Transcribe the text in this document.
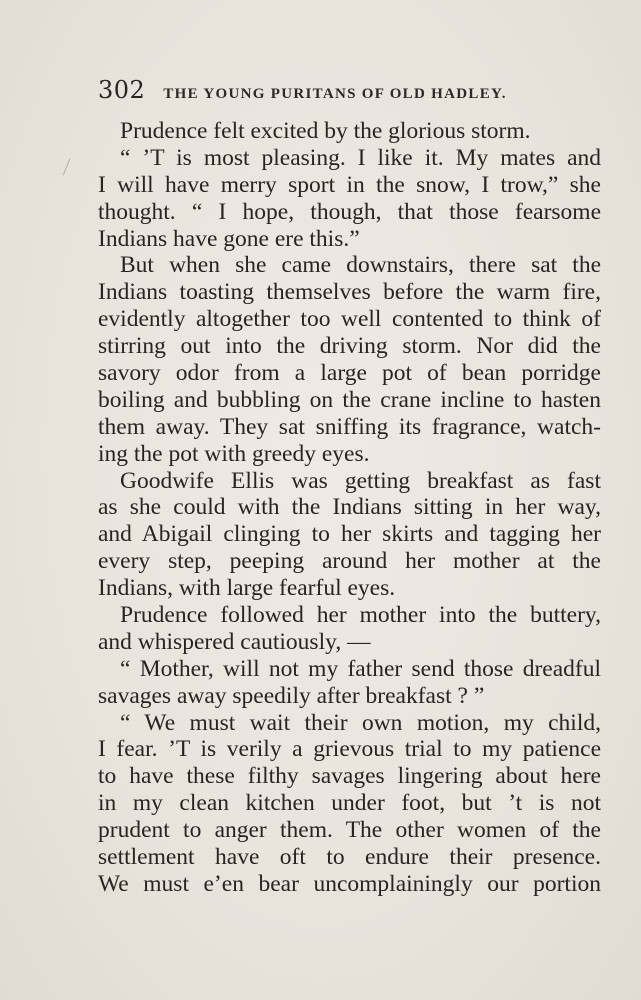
302 THE YOUNG PURITANS OF OLD HADLEY.
Prudence felt excited by the glorious storm.
“ ’T is most pleasing. I like it. My mates and
I will have merry sport in the snow, I trow,” she
thought. “ I hope, though, that those fearsome
Indians have gone ere this.”
But when she came downstairs, there sat the
Indians toasting themselves before the warm fire,
evidently altogether too well contented to think of
stirring out into the driving storm. Nor did the
savory odor from a large pot of bean porridge
boiling and bubbling on the crane incline to hasten
them away. They sat sniffing its fragrance, watch-
ing the pot with greedy eyes.
Goodwife Ellis was getting breakfast as fast
as she could with the Indians sitting in her way,
and Abigail clinging to her skirts and tagging her
every step, peeping around her mother at the
Indians, with large fearful eyes.
Prudence followed her mother into the buttery,
and whispered cautiously, —
“ Mother, will not my father send those dreadful
savages away speedily after breakfast ? ”
“ We must wait their own motion, my child,
I fear. ’T is verily a grievous trial to my patience
to have these filthy savages lingering about here
in my clean kitchen under foot, but ’t is not
prudent to anger them. The other women of the
settlement have oft to endure their presence.
We must e’en bear uncomplainingly our portion
